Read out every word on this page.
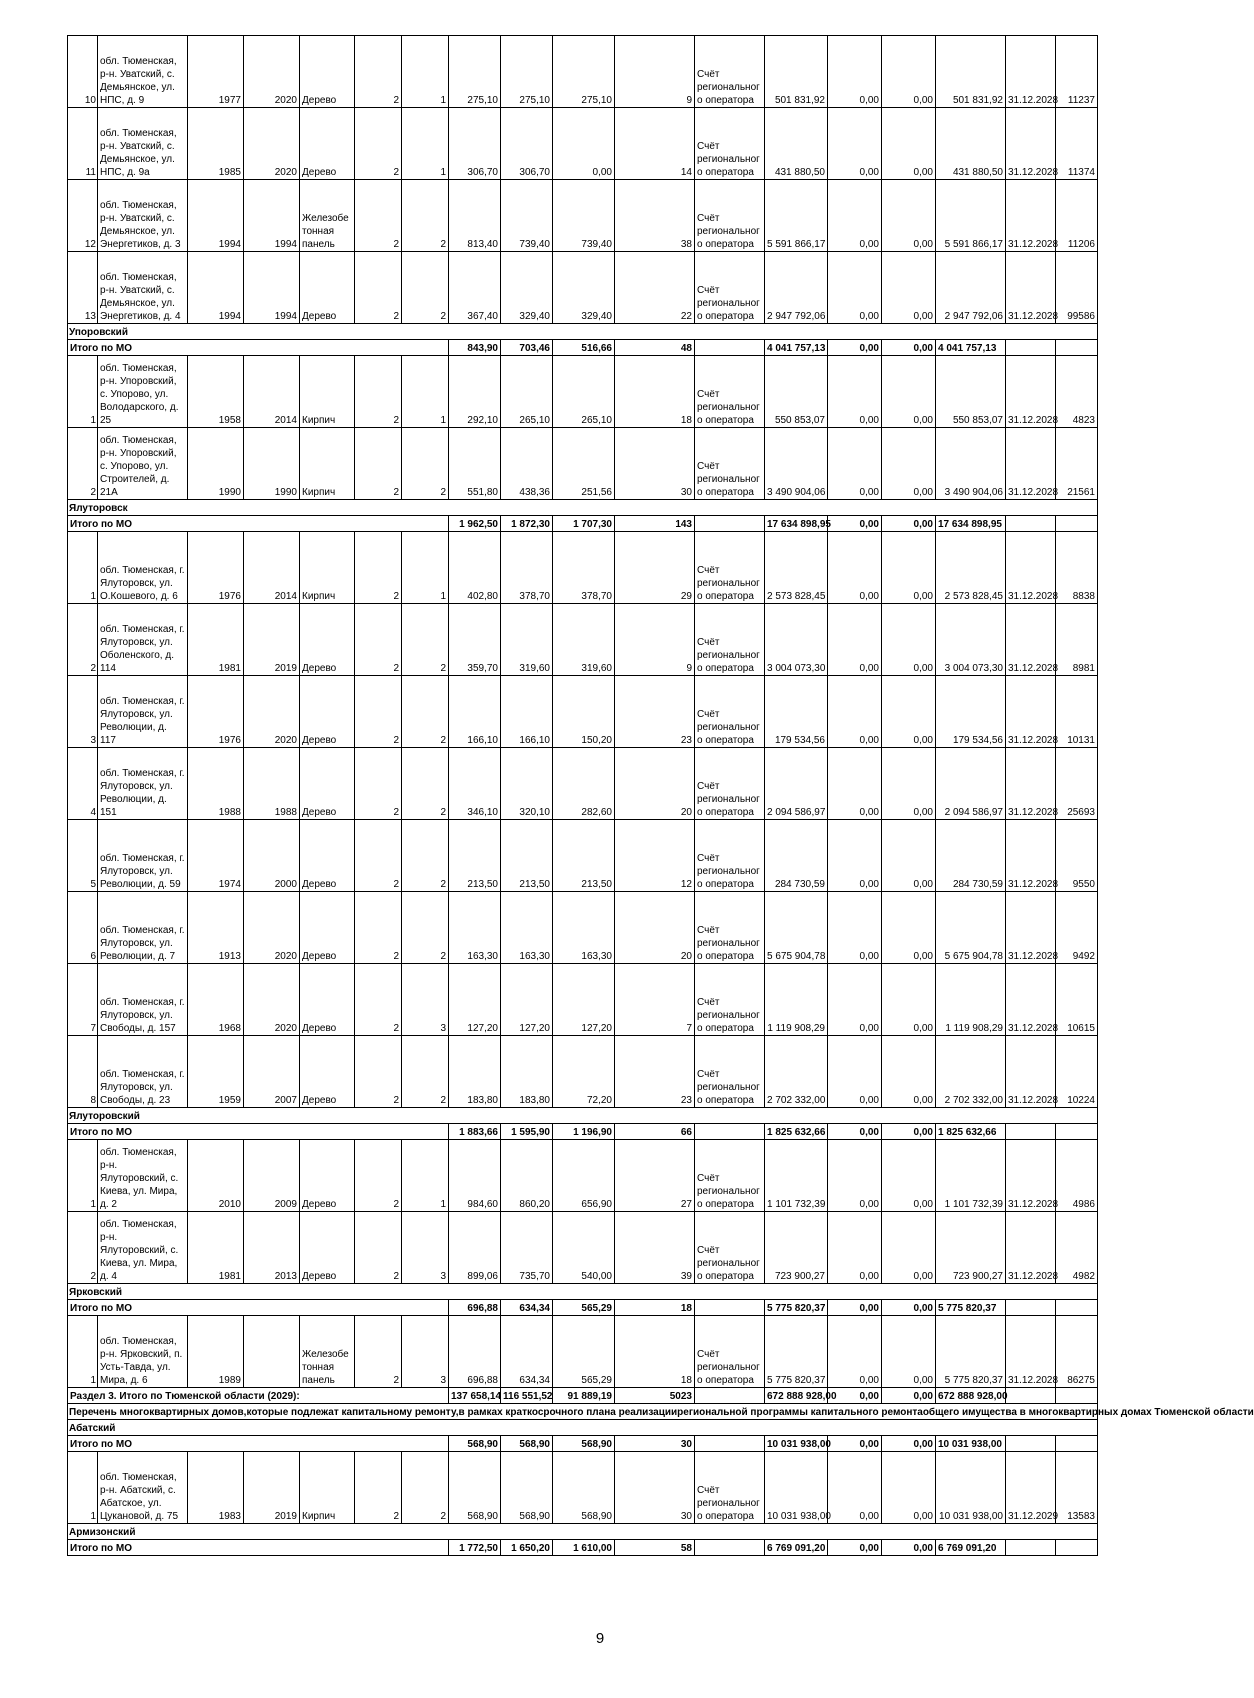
10	обл. Тюменская, р-н. Уватский, с. Демьянское, ул. НПС, д. 9	1977	2020	Дерево	2	1	275,10	275,10	275,10	9	Счёт регионального оператора	501 831,92	0,00	0,00	501 831,92	31.12.2028	11237
11	обл. Тюменская, р-н. Уватский, с. Демьянское, ул. НПС, д. 9а	1985	2020	Дерево	2	1	306,70	306,70	0,00	14	Счёт регионального оператора	431 880,50	0,00	0,00	431 880,50	31.12.2028	11374
12	обл. Тюменская, р-н. Уватский, с. Демьянское, ул. Энергетиков, д. 3	1994	1994	Железобетонная панель	2	2	813,40	739,40	739,40	38	Счёт регионального оператора	5 591 866,17	0,00	0,00	5 591 866,17	31.12.2028	11206
13	обл. Тюменская, р-н. Уватский, с. Демьянское, ул. Энергетиков, д. 4	1994	1994	Дерево	2	2	367,40	329,40	329,40	22	Счёт регионального оператора	2 947 792,06	0,00	0,00	2 947 792,06	31.12.2028	99586
Упоровский																	
Итого по МО							843,90	703,46	516,66	48		4 041 757,13	0,00	0,00	4 041 757,13		
1	обл. Тюменская, р-н. Упоровский, с. Упорово, ул. Володарского, д. 25	1958	2014	Кирпич	2	1	292,10	265,10	265,10	18	Счёт регионального оператора	550 853,07	0,00	0,00	550 853,07	31.12.2028	4823
2	обл. Тюменская, р-н. Упоровский, с. Упорово, ул. Строителей, д. 21А	1990	1990	Кирпич	2	2	551,80	438,36	251,56	30	Счёт регионального оператора	3 490 904,06	0,00	0,00	3 490 904,06	31.12.2028	21561
Ялуторовск																	
Итого по МО							1 962,50	1 872,30	1 707,30	143		17 634 898,95	0,00	0,00	17 634 898,95		
1	обл. Тюменская, г. Ялуторовск, ул. О.Кошевого, д. 6	1976	2014	Кирпич	2	1	402,80	378,70	378,70	29	Счёт регионального оператора	2 573 828,45	0,00	0,00	2 573 828,45	31.12.2028	8838
2	обл. Тюменская, г. Ялуторовск, ул. Оболенского, д. 114	1981	2019	Дерево	2	2	359,70	319,60	319,60	9	Счёт регионального оператора	3 004 073,30	0,00	0,00	3 004 073,30	31.12.2028	8981
3	обл. Тюменская, г. Ялуторовск, ул. Революции, д. 117	1976	2020	Дерево	2	2	166,10	166,10	150,20	23	Счёт регионального оператора	179 534,56	0,00	0,00	179 534,56	31.12.2028	10131
4	обл. Тюменская, г. Ялуторовск, ул. Революции, д. 151	1988	1988	Дерево	2	2	346,10	320,10	282,60	20	Счёт регионального оператора	2 094 586,97	0,00	0,00	2 094 586,97	31.12.2028	25693
5	обл. Тюменская, г. Ялуторовск, ул. Революции, д. 59	1974	2000	Дерево	2	2	213,50	213,50	213,50	12	Счёт регионального оператора	284 730,59	0,00	0,00	284 730,59	31.12.2028	9550
6	обл. Тюменская, г. Ялуторовск, ул. Революции, д. 7	1913	2020	Дерево	2	2	163,30	163,30	163,30	20	Счёт регионального оператора	5 675 904,78	0,00	0,00	5 675 904,78	31.12.2028	9492
7	обл. Тюменская, г. Ялуторовск, ул. Свободы, д. 157	1968	2020	Дерево	2	3	127,20	127,20	127,20	7	Счёт регионального оператора	1 119 908,29	0,00	0,00	1 119 908,29	31.12.2028	10615
8	обл. Тюменская, г. Ялуторовск, ул. Свободы, д. 23	1959	2007	Дерево	2	2	183,80	183,80	72,20	23	Счёт регионального оператора	2 702 332,00	0,00	0,00	2 702 332,00	31.12.2028	10224
Ялуторовский																	
Итого по МО							1 883,66	1 595,90	1 196,90	66		1 825 632,66	0,00	0,00	1 825 632,66		
1	обл. Тюменская, р-н. Ялуторовский, с. Киева, ул. Мира, д. 2	2010	2009	Дерево	2	1	984,60	860,20	656,90	27	Счёт регионального оператора	1 101 732,39	0,00	0,00	1 101 732,39	31.12.2028	4986
2	обл. Тюменская, р-н. Ялуторовский, с. Киева, ул. Мира, д. 4	1981	2013	Дерево	2	3	899,06	735,70	540,00	39	Счёт регионального оператора	723 900,27	0,00	0,00	723 900,27	31.12.2028	4982
Ярковский																	
Итого по МО							696,88	634,34	565,29	18		5 775 820,37	0,00	0,00	5 775 820,37		
1	обл. Тюменская, р-н. Ярковский, п. Усть-Тавда, ул. Мира, д. 6	1989		Железобетонная панель	2	3	696,88	634,34	565,29	18	Счёт регионального оператора	5 775 820,37	0,00	0,00	5 775 820,37	31.12.2028	86275
Раздел 3. Итого по Тюменской области (2029):							137 658,14	116 551,52	91 889,19	5023		672 888 928,00	0,00	0,00	672 888 928,00		
Перечень многоквартирных домов,которые подлежат капитальному ремонту,в рамках краткосрочного плана реализациирегиональной программы капитального ремонтаобщего имущества в многоквартирных домах Тюменской области																	
Абатский																	
Итого по МО							568,90	568,90	568,90	30		10 031 938,00	0,00	0,00	10 031 938,00		
1	обл. Тюменская, р-н. Абатский, с. Абатское, ул. Цукановой, д. 75	1983	2019	Кирпич	2	2	568,90	568,90	568,90	30	Счёт регионального оператора	10 031 938,00	0,00	0,00	10 031 938,00	31.12.2029	13583
Армизонский																	
Итого по МО							1 772,50	1 650,20	1 610,00	58		6 769 091,20	0,00	0,00	6 769 091,20		
9
